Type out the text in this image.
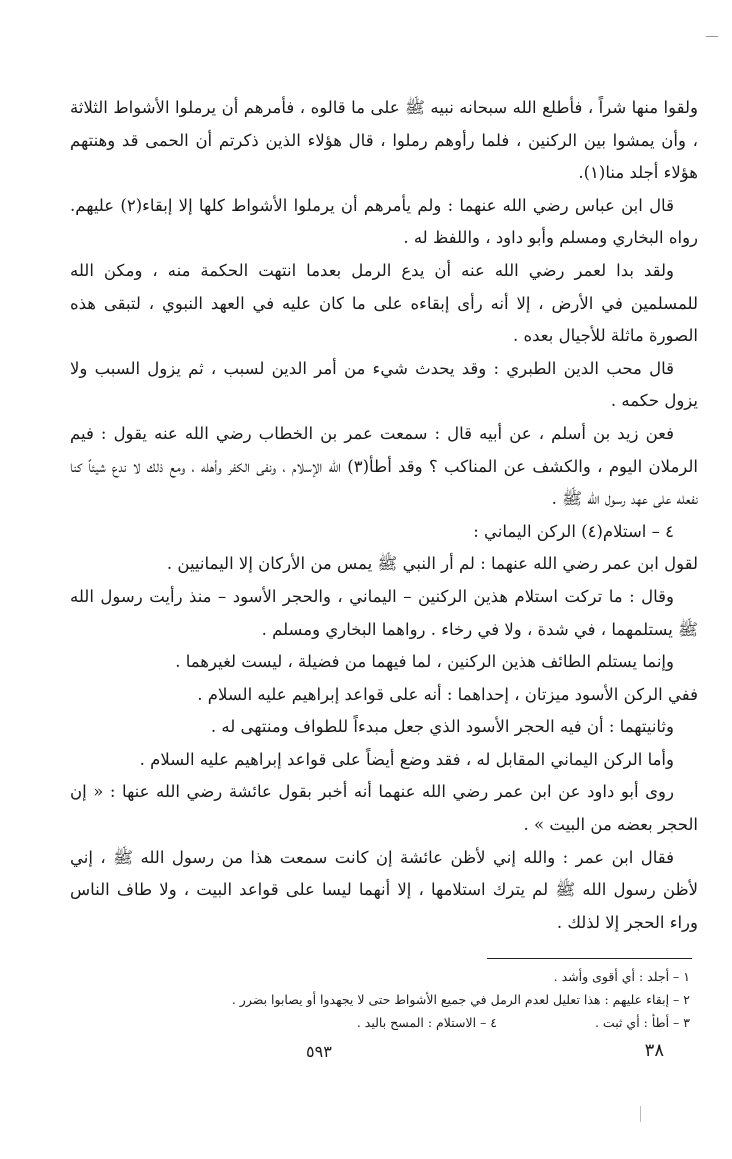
ولقوا منها شراً ، فأطلع الله سبحانه نبيه ﷺ على ما قالوه ، فأمرهم أن يرملوا الأشواط الثلاثة ، وأن يمشوا بين الركنين ، فلما رأوهم رملوا ، قال هؤلاء الذين ذكرتم أن الحمى قد وهنتهم هؤلاء أجلد منا(١).

قال ابن عباس رضي الله عنهما : ولم يأمرهم أن يرملوا الأشواط كلها إلا إبقاء(٢) عليهم. رواه البخاري ومسلم وأبو داود ، واللفظ له .

ولقد بدا لعمر رضي الله عنه أن يدع الرمل بعدما انتهت الحكمة منه ، ومكن الله للمسلمين في الأرض ، إلا أنه رأى إبقاءه على ما كان عليه في العهد النبوي ، لتبقى هذه الصورة ماثلة للأجيال بعده .

قال محب الدين الطبري : وقد يحدث شيء من أمر الدين لسبب ، ثم يزول السبب ولا يزول حكمه .

فعن زيد بن أسلم ، عن أبيه قال : سمعت عمر بن الخطاب رضي الله عنه يقول : فيم الرملان اليوم ، والكشف عن المناكب ؟ وقد أطأ(٣) الله الإسلام ، ونفى الكفر وأهله ، ومع ذلك لا ندع شيئاً كنا نفعله على عهد رسول الله ﷺ .

٤ – استلام(٤) الركن اليماني :

لقول ابن عمر رضي الله عنهما : لم أر النبي ﷺ يمس من الأركان إلا اليمانيين .

وقال : ما تركت استلام هذين الركنين – اليماني ، والحجر الأسود – منذ رأيت رسول الله ﷺ يستلمهما ، في شدة ، ولا في رخاء . رواهما البخاري ومسلم .

وإنما يستلم الطائف هذين الركنين ، لما فيهما من فضيلة ، ليست لغيرهما .

ففي الركن الأسود ميزتان ، إحداهما : أنه على قواعد إبراهيم عليه السلام .

وثانيتهما : أن فيه الحجر الأسود الذي جعل مبدءاً للطواف ومنتهى له .

وأما الركن اليماني المقابل له ، فقد وضع أيضاً على قواعد إبراهيم عليه السلام .

روى أبو داود عن ابن عمر رضي الله عنهما أنه أخبر بقول عائشة رضي الله عنها : « إن الحجر بعضه من البيت » .

فقال ابن عمر : والله إني لأظن عائشة إن كانت سمعت هذا من رسول الله ﷺ ، إني لأظن رسول الله ﷺ لم يترك استلامها ، إلا أنهما ليسا على قواعد البيت ، ولا طاف الناس وراء الحجر إلا لذلك .

١ – أجلد : أي أقوى وأشد .

٢ – إبقاء عليهم : هذا تعليل لعدم الرمل في جميع الأشواط حتى لا يجهدوا أو يصابوا بضرر .

٣ – أطأ : أي ثبت .  ٤ – الاستلام : المسح باليد .

٣٨
٥٩٣
